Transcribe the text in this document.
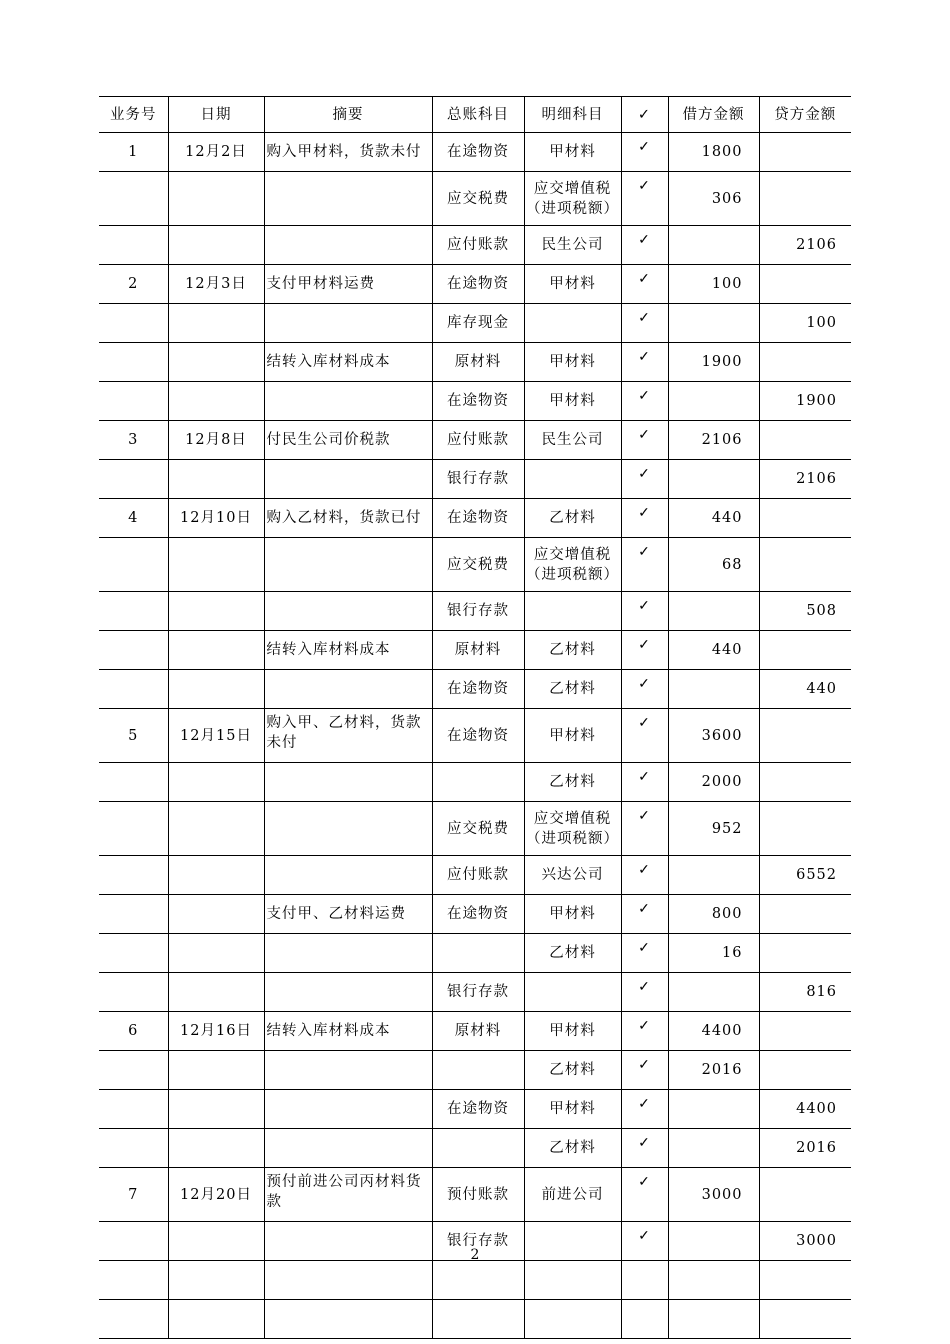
业务号	日期	摘要	总账科目	明细科目	✓	借方金额	贷方金额
1	12月2日	购入甲材料，货款未付	在途物资	甲材料	✓	1800	
			应交税费	应交增值税（进项税额）	✓	306	
			应付账款	民生公司	✓		2106
2	12月3日	支付甲材料运费	在途物资	甲材料	✓	100	
			库存现金		✓		100
		结转入库材料成本	原材料	甲材料	✓	1900	
			在途物资	甲材料	✓		1900
3	12月8日	付民生公司价税款	应付账款	民生公司	✓	2106	
			银行存款		✓		2106
4	12月10日	购入乙材料，货款已付	在途物资	乙材料	✓	440	
			应交税费	应交增值税（进项税额）	✓	68	
			银行存款		✓		508
		结转入库材料成本	原材料	乙材料	✓	440	
			在途物资	乙材料	✓		440
5	12月15日	购入甲、乙材料，货款未付	在途物资	甲材料	✓	3600	
				乙材料	✓	2000	
			应交税费	应交增值税（进项税额）	✓	952	
			应付账款	兴达公司	✓		6552
		支付甲、乙材料运费	在途物资	甲材料	✓	800	
				乙材料	✓	16	
			银行存款		✓		816
6	12月16日	结转入库材料成本	原材料	甲材料	✓	4400	
				乙材料	✓	2016	
			在途物资	甲材料	✓		4400
				乙材料	✓		2016
7	12月20日	预付前进公司丙材料货款	预付账款	前进公司	✓	3000	
			银行存款		✓		3000

2
